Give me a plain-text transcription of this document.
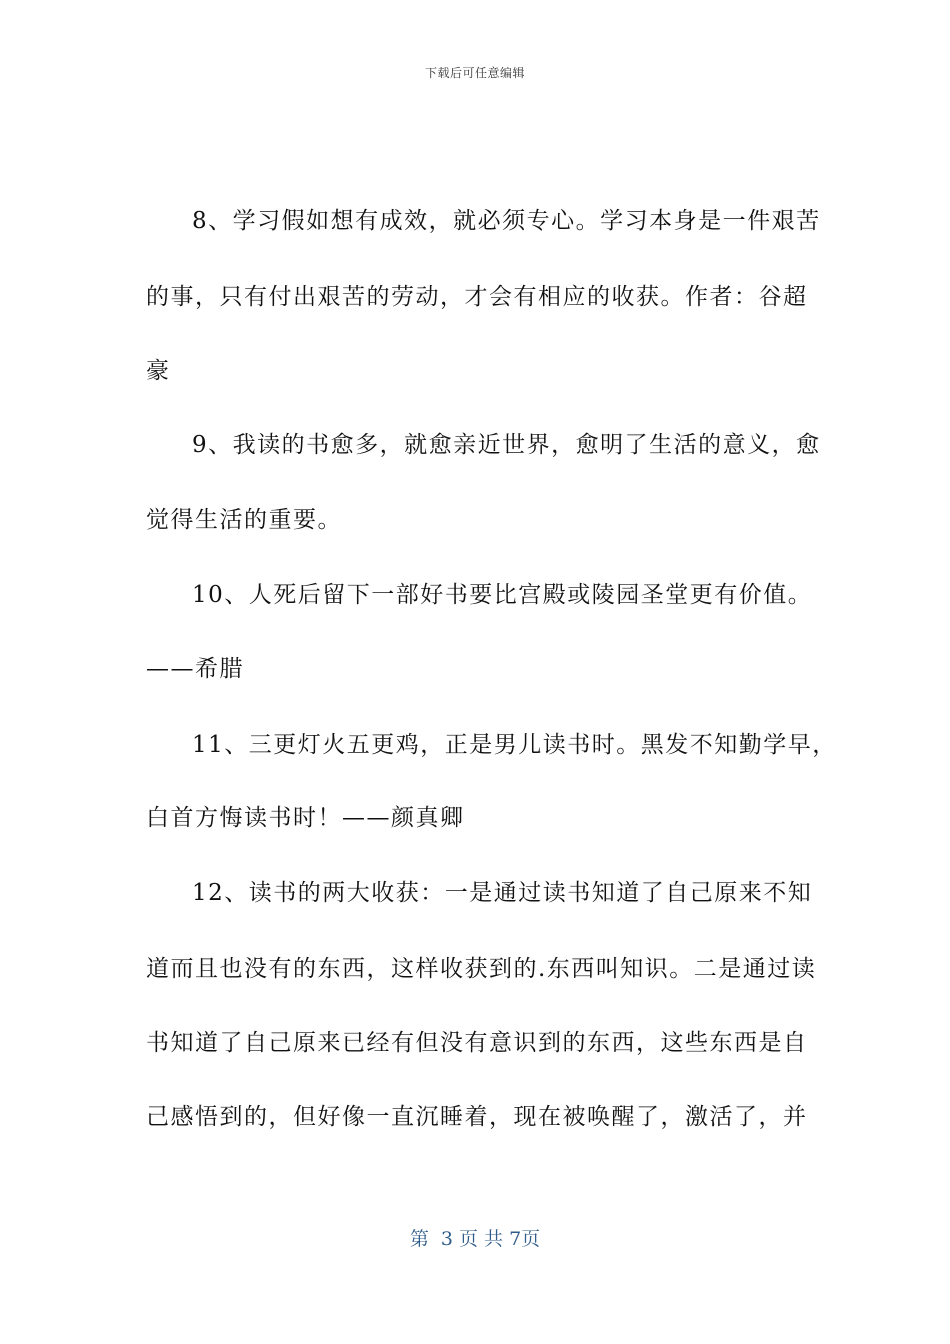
下载后可任意编辑
8、学习假如想有成效，就必须专心。学习本身是一件艰苦
的事，只有付出艰苦的劳动，才会有相应的收获。作者：谷超
豪
9、我读的书愈多，就愈亲近世界，愈明了生活的意义，愈
觉得生活的重要。
10、人死后留下一部好书要比宫殿或陵园圣堂更有价值。
——希腊
11、三更灯火五更鸡，正是男儿读书时。黑发不知勤学早，
白首方悔读书时！——颜真卿
12、读书的两大收获：一是通过读书知道了自己原来不知
道而且也没有的东西，这样收获到的.东西叫知识。二是通过读
书知道了自己原来已经有但没有意识到的东西，这些东西是自
己感悟到的，但好像一直沉睡着，现在被唤醒了，激活了，并
第  3 页 共 7页
